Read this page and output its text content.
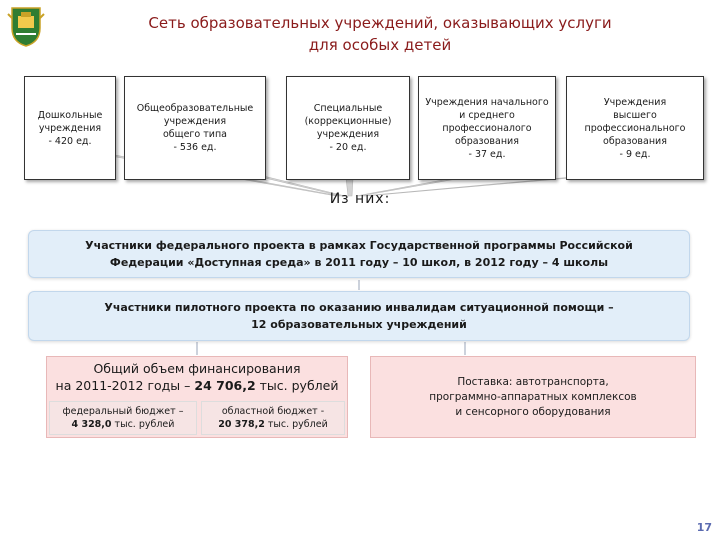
Сеть образовательных учреждений, оказывающих услуги
для особых детей
Дошкольные
учреждения
- 420 ед.
Общеобразовательные
учреждения
общего типа
- 536 ед.
Специальные
(коррекционные)
учреждения
- 20 ед.
Учреждения начального
и среднего
профессионалого
образования
- 37 ед.
Учреждения
высшего
профессионального
образования
- 9 ед.
Из них:
Участники федерального проекта в рамках Государственной программы Российской
Федерации «Доступная среда» в 2011 году – 10 школ, в 2012 году – 4 школы
Участники пилотного проекта по оказанию инвалидам ситуационной помощи –
12 образовательных учреждений
Общий объем финансирования
на 2011-2012 годы – 24 706,2 тыс. рублей
федеральный бюджет –
4 328,0 тыс. рублей
областной бюджет -
20 378,2 тыс. рублей
Поставка: автотранспорта,
программно-аппаратных комплексов
и сенсорного оборудования
17
